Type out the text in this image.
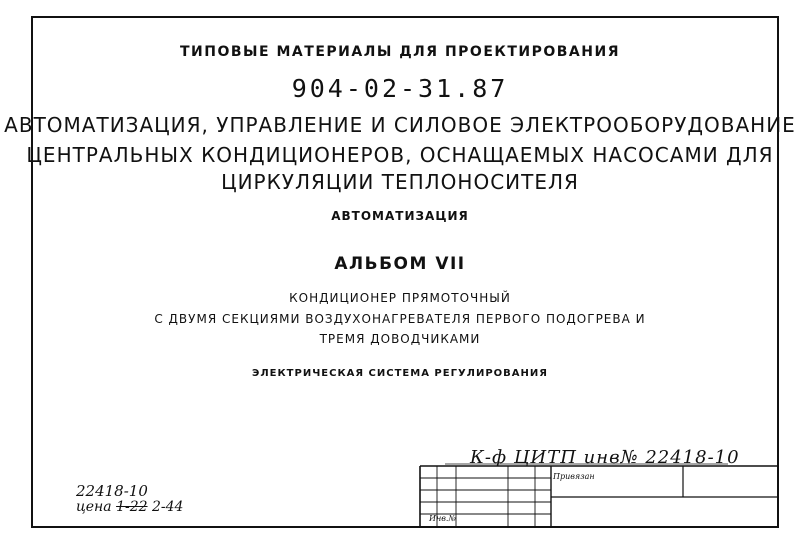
ТИПОВЫЕ МАТЕРИАЛЫ ДЛЯ ПРОЕКТИРОВАНИЯ
904-02-31.87
АВТОМАТИЗАЦИЯ, УПРАВЛЕНИЕ И СИЛОВОЕ ЭЛЕКТРООБОРУДОВАНИЕ
ЦЕНТРАЛЬНЫХ КОНДИЦИОНЕРОВ, ОСНАЩАЕМЫХ НАСОСАМИ ДЛЯ
ЦИРКУЛЯЦИИ ТЕПЛОНОСИТЕЛЯ
АВТОМАТИЗАЦИЯ
АЛЬБОМ VII
КОНДИЦИОНЕР ПРЯМОТОЧНЫЙ
С ДВУМЯ СЕКЦИЯМИ ВОЗДУХОНАГРЕВАТЕЛЯ ПЕРВОГО ПОДОГРЕВА И
ТРЕМЯ ДОВОДЧИКАМИ
ЭЛЕКТРИЧЕСКАЯ СИСТЕМА РЕГУЛИРОВАНИЯ
К-ф ЦИТП инв№ 22418-10
Привязан
Инв.№
22418-10
цена 1-22 2-44
